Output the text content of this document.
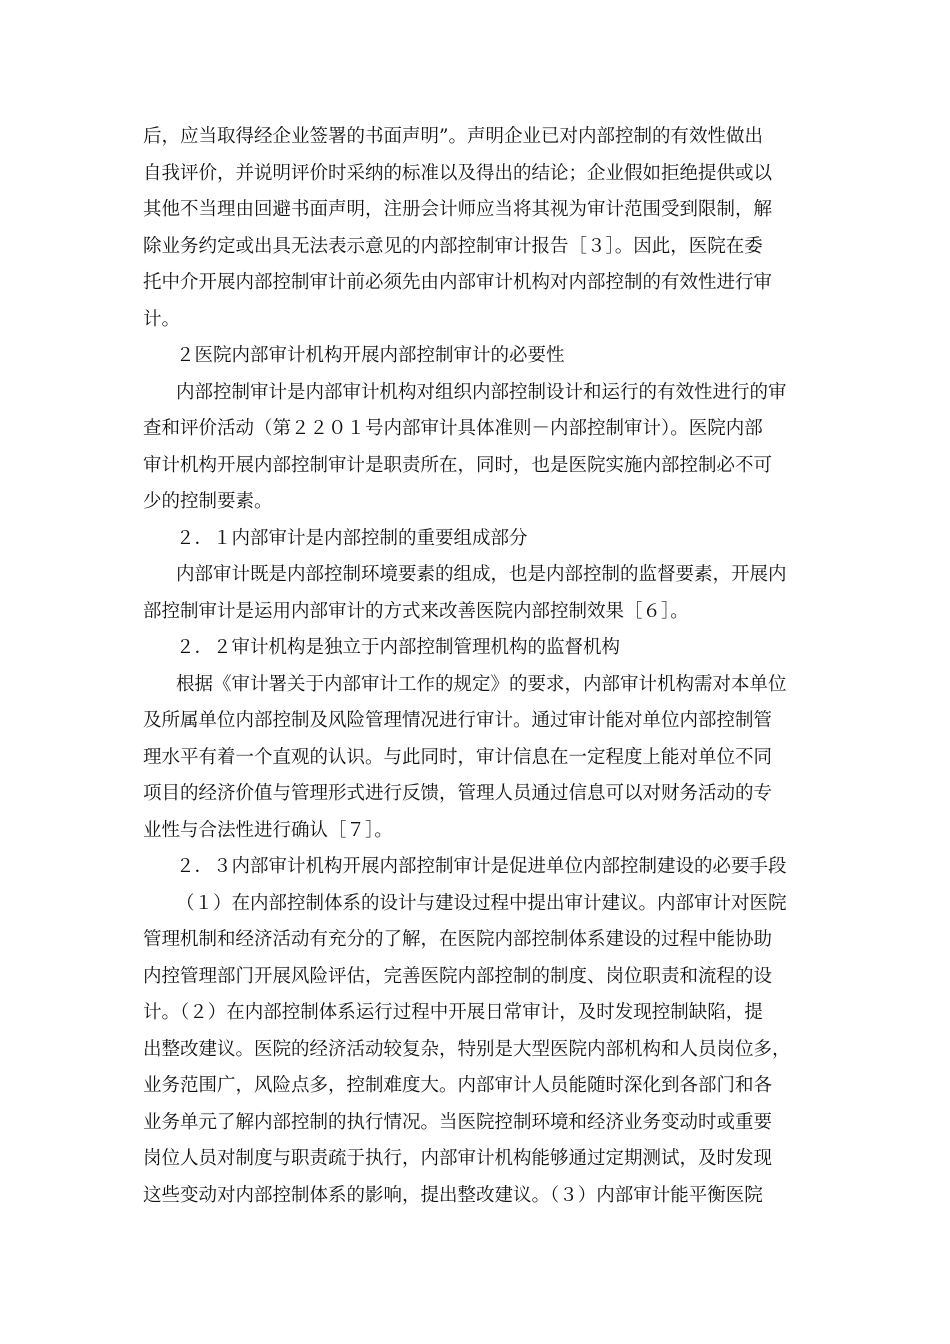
后，应当取得经企业签署的书面声明”。声明企业已对内部控制的有效性做出
自我评价，并说明评价时采纳的标准以及得出的结论；企业假如拒绝提供或以
其他不当理由回避书面声明，注册会计师应当将其视为审计范围受到限制，解
除业务约定或出具无法表示意见的内部控制审计报告［３］。因此，医院在委
托中介开展内部控制审计前必须先由内部审计机构对内部控制的有效性进行审
计。
２医院内部审计机构开展内部控制审计的必要性
内部控制审计是内部审计机构对组织内部控制设计和运行的有效性进行的审
查和评价活动（第２２０１号内部审计具体准则－内部控制审计）。医院内部
审计机构开展内部控制审计是职责所在，同时，也是医院实施内部控制必不可
少的控制要素。
２．１内部审计是内部控制的重要组成部分
内部审计既是内部控制环境要素的组成，也是内部控制的监督要素，开展内
部控制审计是运用内部审计的方式来改善医院内部控制效果［６］。
２．２审计机构是独立于内部控制管理机构的监督机构
根据《审计署关于内部审计工作的规定》的要求，内部审计机构需对本单位
及所属单位内部控制及风险管理情况进行审计。通过审计能对单位内部控制管
理水平有着一个直观的认识。与此同时，审计信息在一定程度上能对单位不同
项目的经济价值与管理形式进行反馈，管理人员通过信息可以对财务活动的专
业性与合法性进行确认［７］。
２．３内部审计机构开展内部控制审计是促进单位内部控制建设的必要手段
（１）在内部控制体系的设计与建设过程中提出审计建议。内部审计对医院
管理机制和经济活动有充分的了解，在医院内部控制体系建设的过程中能协助
内控管理部门开展风险评估，完善医院内部控制的制度、岗位职责和流程的设
计。（２）在内部控制体系运行过程中开展日常审计，及时发现控制缺陷，提
出整改建议。医院的经济活动较复杂，特别是大型医院内部机构和人员岗位多，
业务范围广，风险点多，控制难度大。内部审计人员能随时深化到各部门和各
业务单元了解内部控制的执行情况。当医院控制环境和经济业务变动时或重要
岗位人员对制度与职责疏于执行，内部审计机构能够通过定期测试，及时发现
这些变动对内部控制体系的影响，提出整改建议。（３）内部审计能平衡医院
